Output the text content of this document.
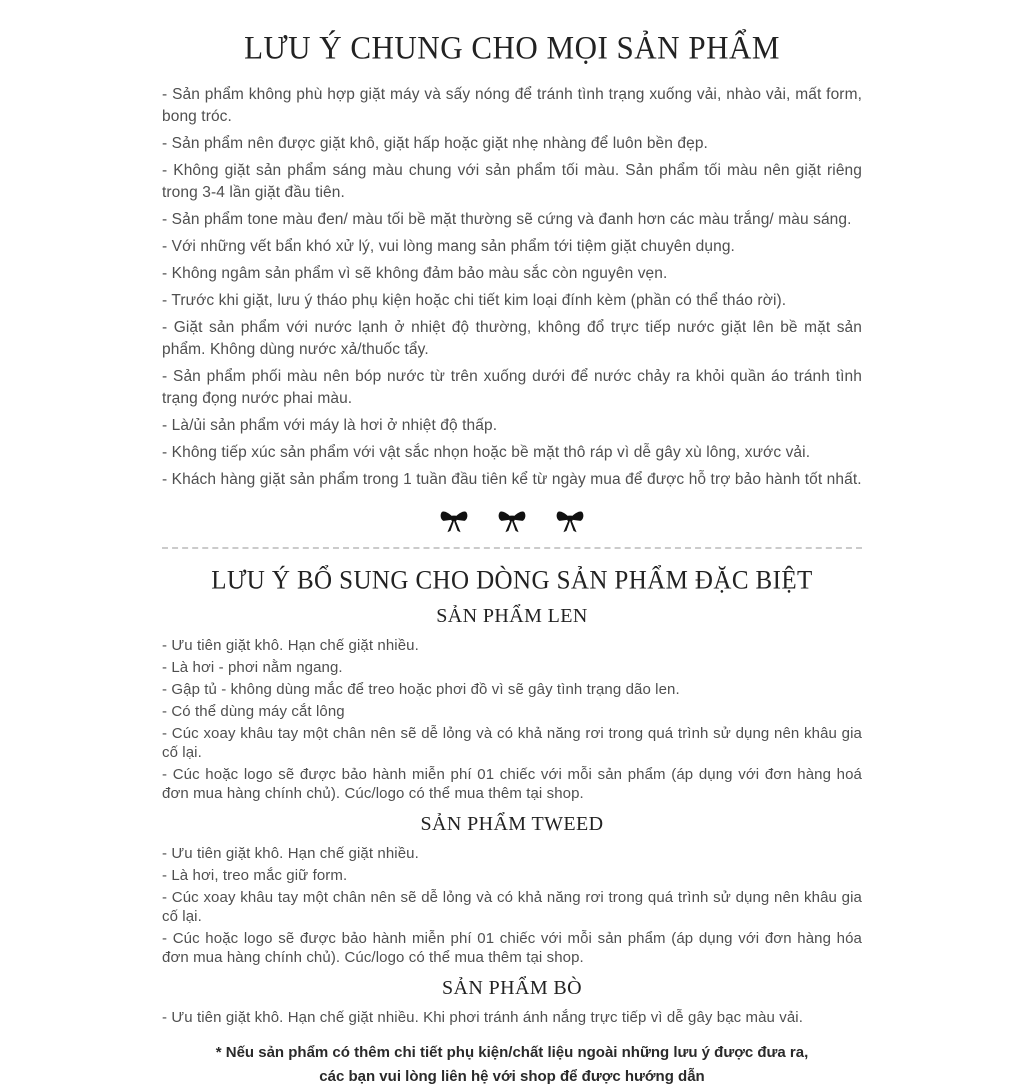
LƯU Ý CHUNG CHO MỌI SẢN PHẨM

- Sản phẩm không phù hợp giặt máy và sấy nóng để tránh tình trạng xuống vải, nhào vải, mất form, bong tróc.

- Sản phẩm nên được giặt khô, giặt hấp hoặc giặt nhẹ nhàng để luôn bền đẹp.

- Không giặt sản phẩm sáng màu chung với sản phẩm tối màu. Sản phẩm tối màu nên giặt riêng trong 3-4 lần giặt đầu tiên.

- Sản phẩm tone màu đen/ màu tối bề mặt thường sẽ cứng và đanh hơn các màu trắng/ màu sáng.

- Với những vết bẩn khó xử lý, vui lòng mang sản phẩm tới tiệm giặt chuyên dụng.

- Không ngâm sản phẩm vì sẽ không đảm bảo màu sắc còn nguyên vẹn.

- Trước khi giặt, lưu ý tháo phụ kiện hoặc chi tiết kim loại đính kèm (phần có thể tháo rời).

- Giặt sản phẩm với nước lạnh ở nhiệt độ thường, không đổ trực tiếp nước giặt lên bề mặt sản phẩm. Không dùng nước xả/thuốc tẩy.

- Sản phẩm phối màu nên bóp nước từ trên xuống dưới để nước chảy ra khỏi quần áo tránh tình trạng đọng nước phai màu.

- Là/ủi sản phẩm với máy là hơi ở nhiệt độ thấp.

- Không tiếp xúc sản phẩm với vật sắc nhọn hoặc bề mặt thô ráp vì dễ gây xù lông, xước vải.

- Khách hàng giặt sản phẩm trong 1 tuần đầu tiên kể từ ngày mua để được hỗ trợ bảo hành tốt nhất.

LƯU Ý BỔ SUNG CHO DÒNG SẢN PHẨM ĐẶC BIỆT
SẢN PHẨM LEN

- Ưu tiên giặt khô. Hạn chế giặt nhiều.

- Là hơi - phơi nằm ngang.

- Gập tủ - không dùng mắc để treo hoặc phơi đồ vì sẽ gây tình trạng dão len.

- Có thể dùng máy cắt lông

- Cúc xoay khâu tay một chân nên sẽ dễ lỏng và có khả năng rơi trong quá trình sử dụng nên khâu gia cố lại.

- Cúc hoặc logo sẽ được bảo hành miễn phí 01 chiếc với mỗi sản phẩm (áp dụng với đơn hàng hoá đơn mua hàng chính chủ). Cúc/logo có thể mua thêm tại shop.

SẢN PHẨM TWEED

- Ưu tiên giặt khô. Hạn chế giặt nhiều.

- Là hơi, treo mắc giữ form.

- Cúc xoay khâu tay một chân nên sẽ dễ lỏng và có khả năng rơi trong quá trình sử dụng nên khâu gia cố lại.

- Cúc hoặc logo sẽ được bảo hành miễn phí 01 chiếc với mỗi sản phẩm (áp dụng với đơn hàng hóa đơn mua hàng chính chủ). Cúc/logo có thể mua thêm tại shop.

SẢN PHẨM BÒ

- Ưu tiên giặt khô. Hạn chế giặt nhiều. Khi phơi tránh ánh nắng trực tiếp vì dễ gây bạc màu vải.

* Nếu sản phẩm có thêm chi tiết phụ kiện/chất liệu ngoài những lưu ý được đưa ra,
các bạn vui lòng liên hệ với shop để được hướng dẫn
